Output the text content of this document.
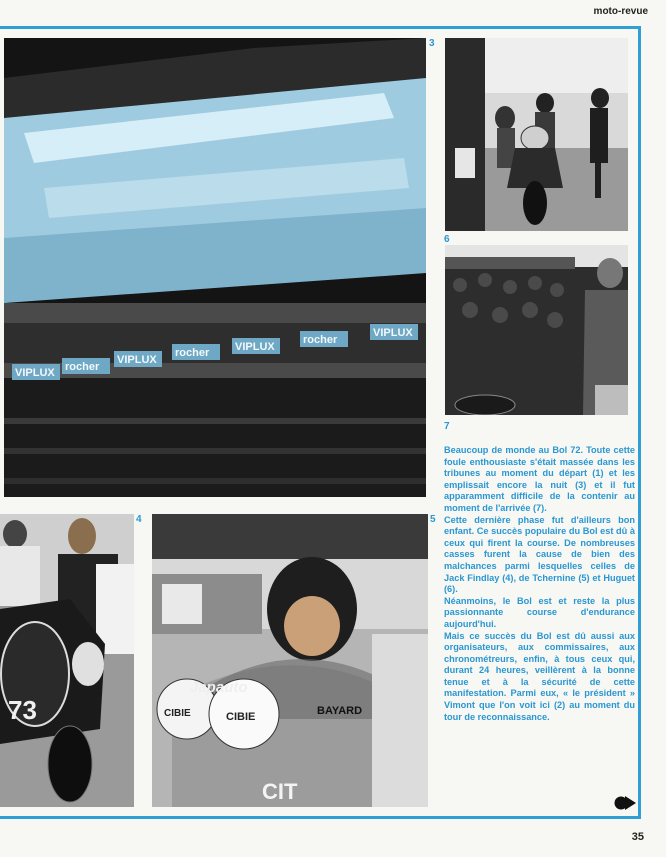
moto-revue
VIPLUX rocher
VIPLUX
rocher VIPLUX
rocher
VIPLUX
3
6
7
73
4
Japauto
CIBIE	CIBIE	BAYARD
CIT
5

Beaucoup de monde au Bol 72. Toute cette foule enthousiaste s'était massée dans les tribunes au moment du départ (1) et les emplissait encore la nuit (3) et il fut apparamment difficile de la contenir au moment de l'arrivée (7).

Cette dernière phase fut d'ailleurs bon enfant. Ce succès populaire du Bol est dû à ceux qui firent la course. De nombreuses casses furent la cause de bien des malchances parmi lesquelles celles de Jack Findlay (4), de Tchernine (5) et Huguet (6).

Néanmoins, le Bol est et reste la plus passionnante course d'endurance aujourd'hui.

Mais ce succès du Bol est dû aussi aux organisateurs, aux commissaires, aux chronométreurs, enfin, à tous ceux qui, durant 24 heures, veillèrent à la bonne tenue et à la sécurité de cette manifestation. Parmi eux, « le président » Vimont que l'on voit ici (2) au moment du tour de reconnaissance.

35
